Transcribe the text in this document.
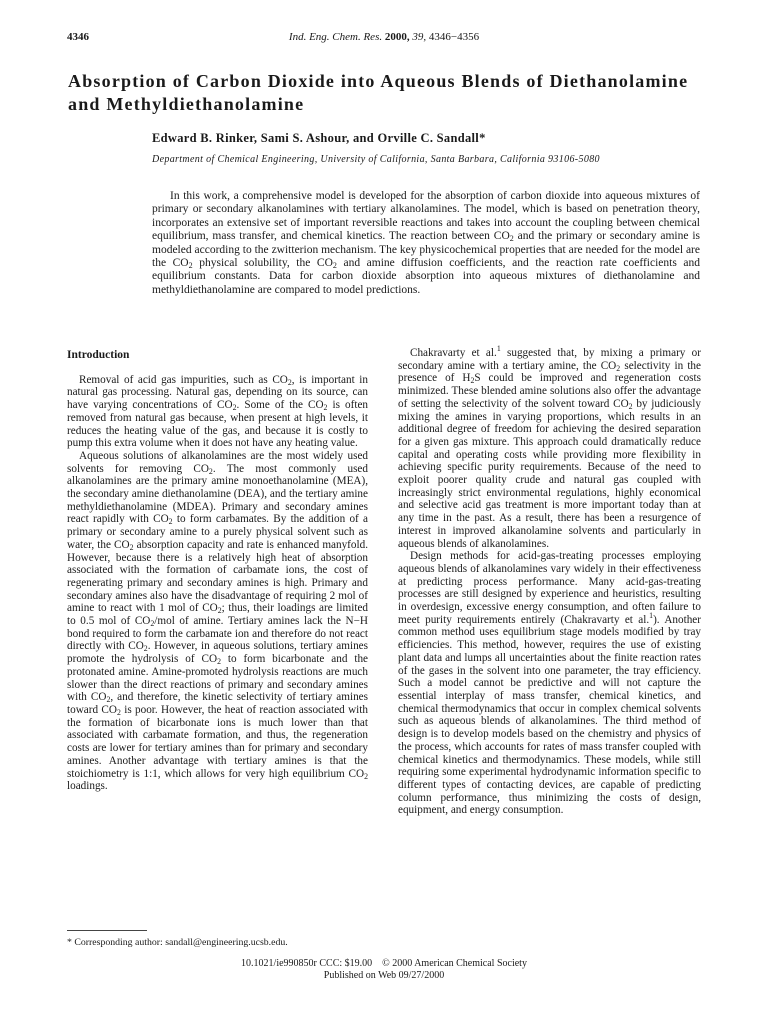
4346	Ind. Eng. Chem. Res. 2000, 39, 4346−4356
Absorption of Carbon Dioxide into Aqueous Blends of Diethanolamine and Methyldiethanolamine
Edward B. Rinker, Sami S. Ashour, and Orville C. Sandall*
Department of Chemical Engineering, University of California, Santa Barbara, California 93106-5080

In this work, a comprehensive model is developed for the absorption of carbon dioxide into aqueous mixtures of primary or secondary alkanolamines with tertiary alkanolamines. The model, which is based on penetration theory, incorporates an extensive set of important reversible reactions and takes into account the coupling between chemical equilibrium, mass transfer, and chemical kinetics. The reaction between $CO_2$ and the primary or secondary amine is modeled according to the zwitterion mechanism. The key physicochemical properties that are needed for the model are the $CO_2$ physical solubility, the $CO_2$ and amine diffusion coefficients, and the reaction rate coefficients and equilibrium constants. Data for carbon dioxide absorption into aqueous mixtures of diethanolamine and methyldiethanolamine are compared to model predictions.

Introduction

Removal of acid gas impurities, such as $CO_2$, is important in natural gas processing. Natural gas, depending on its source, can have varying concentrations of $CO_2$. Some of the $CO_2$ is often removed from natural gas because, when present at high levels, it reduces the heating value of the gas, and because it is costly to pump this extra volume when it does not have any heating value.

Aqueous solutions of alkanolamines are the most widely used solvents for removing $CO_2$. The most commonly used alkanolamines are the primary amine monoethanolamine (MEA), the secondary amine diethanolamine (DEA), and the tertiary amine methyldiethanolamine (MDEA). Primary and secondary amines react rapidly with $CO_2$ to form carbamates. By the addition of a primary or secondary amine to a purely physical solvent such as water, the $CO_2$ absorption capacity and rate is enhanced manyfold. However, because there is a relatively high heat of absorption associated with the formation of carbamate ions, the cost of regenerating primary and secondary amines is high. Primary and secondary amines also have the disadvantage of requiring 2 mol of amine to react with 1 mol of $CO_2$; thus, their loadings are limited to 0.5 mol of $CO_2$/mol of amine. Tertiary amines lack the N−H bond required to form the carbamate ion and therefore do not react directly with $CO_2$. However, in aqueous solutions, tertiary amines promote the hydrolysis of $CO_2$ to form bicarbonate and the protonated amine. Amine-promoted hydrolysis reactions are much slower than the direct reactions of primary and secondary amines with $CO_2$, and therefore, the kinetic selectivity of tertiary amines toward $CO_2$ is poor. However, the heat of reaction associated with the formation of bicarbonate ions is much lower than that associated with carbamate formation, and thus, the regeneration costs are lower for tertiary amines than for primary and secondary amines. Another advantage with tertiary amines is that the stoichiometry is 1:1, which allows for very high equilibrium $CO_2$ loadings.

Chakravarty et al.$^1$ suggested that, by mixing a primary or secondary amine with a tertiary amine, the $CO_2$ selectivity in the presence of $H_2S$ could be improved and regeneration costs minimized. These blended amine solutions also offer the advantage of setting the selectivity of the solvent toward $CO_2$ by judiciously mixing the amines in varying proportions, which results in an additional degree of freedom for achieving the desired separation for a given gas mixture. This approach could dramatically reduce capital and operating costs while providing more flexibility in achieving specific purity requirements. Because of the need to exploit poorer quality crude and natural gas coupled with increasingly strict environmental regulations, highly economical and selective acid gas treatment is more important today than at any time in the past. As a result, there has been a resurgence of interest in improved alkanolamine solvents and particularly in aqueous blends of alkanolamines.

Design methods for acid-gas-treating processes employing aqueous blends of alkanolamines vary widely in their effectiveness at predicting process performance. Many acid-gas-treating processes are still designed by experience and heuristics, resulting in overdesign, excessive energy consumption, and often failure to meet purity requirements entirely (Chakravarty et al.$^1$). Another common method uses equilibrium stage models modified by tray efficiencies. This method, however, requires the use of existing plant data and lumps all uncertainties about the finite reaction rates of the gases in the solvent into one parameter, the tray efficiency. Such a model cannot be predictive and will not capture the essential interplay of mass transfer, chemical kinetics, and chemical thermodynamics that occur in complex chemical solvents such as aqueous blends of alkanolamines. The third method of design is to develop models based on the chemistry and physics of the process, which accounts for rates of mass transfer coupled with chemical kinetics and thermodynamics. These models, while still requiring some experimental hydrodynamic information specific to different types of contacting devices, are capable of predicting column performance, thus minimizing the costs of design, equipment, and energy consumption.

* Corresponding author: sandall@engineering.ucsb.edu.
10.1021/ie990850r CCC: $19.00    © 2000 American Chemical Society
Published on Web 09/27/2000
